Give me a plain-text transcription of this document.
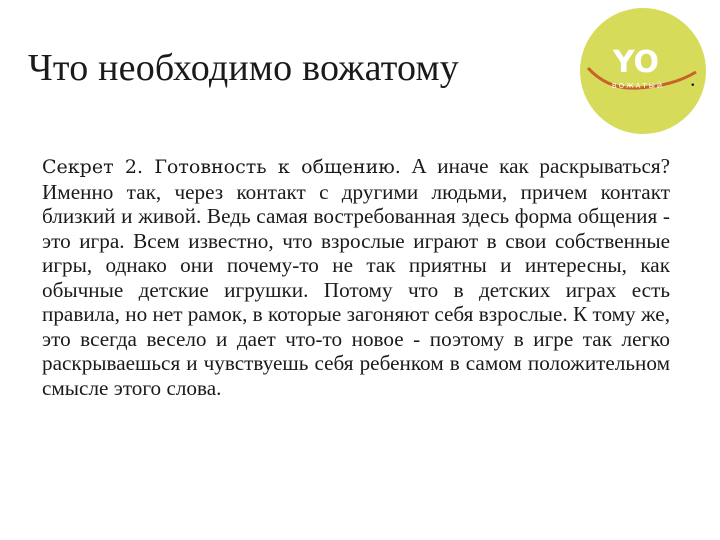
Что необходимо вожатому	YO
ВОЖАТЫЙ .
Секрет 2. Готовность к общению. А иначе как раскрываться? Именно так, через контакт с другими людьми, причем контакт близкий и живой. Ведь самая востребованная здесь форма общения - это игра. Всем известно, что взрослые играют в свои собственные игры, однако они почему-то не так приятны и интересны, как обычные детские игрушки. Потому что в детских играх есть правила, но нет рамок, в которые загоняют себя взрослые. К тому же, это всегда весело и дает что-то новое - поэтому в игре так легко раскрываешься и чувствуешь себя ребенком в самом положительном смысле этого слова.
